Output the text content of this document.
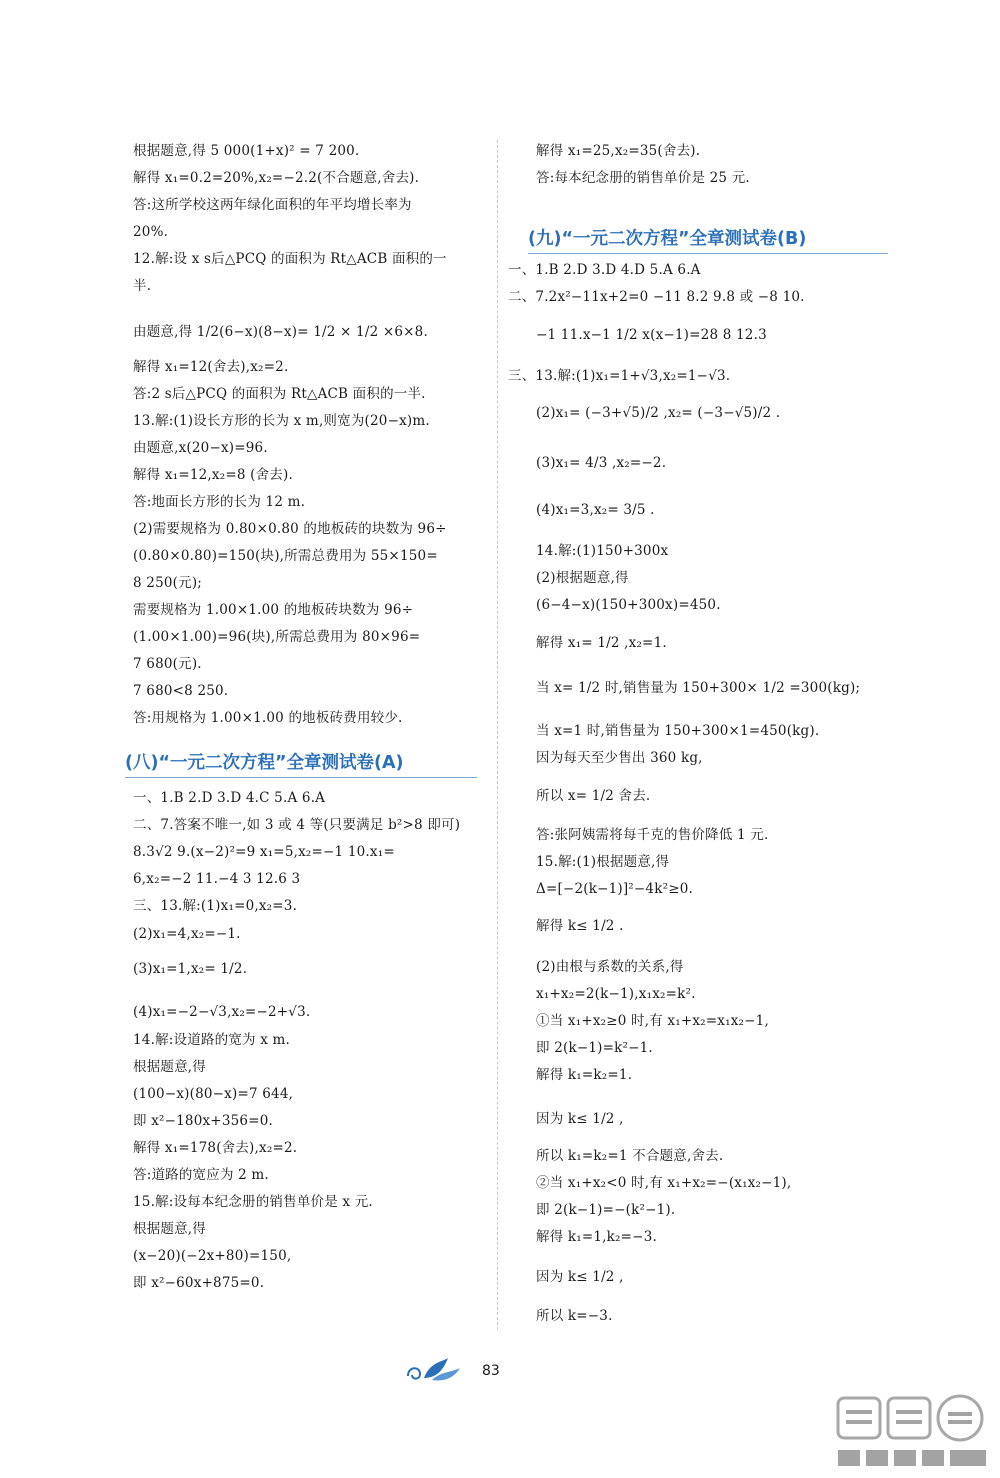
根据题意,得 5 000(1+x)² = 7 200.
解得 x₁=0.2=20%,x₂=−2.2(不合题意,舍去).
答:这所学校这两年绿化面积的年平均增长率为
20%.
12.解:设 x s后△PCQ 的面积为 Rt△ACB 面积的一
半.
由题意,得 1/2(6−x)(8−x)= 1/2 × 1/2 ×6×8.
解得 x₁=12(舍去),x₂=2.
答:2 s后△PCQ 的面积为 Rt△ACB 面积的一半.
13.解:(1)设长方形的长为 x m,则宽为(20−x)m.
由题意,x(20−x)=96.
解得 x₁=12,x₂=8 (舍去).
答:地面长方形的长为 12 m.
(2)需要规格为 0.80×0.80 的地板砖的块数为 96÷
(0.80×0.80)=150(块),所需总费用为 55×150=
8 250(元);
需要规格为 1.00×1.00 的地板砖块数为 96÷
(1.00×1.00)=96(块),所需总费用为 80×96=
7 680(元).
7 680<8 250.
答:用规格为 1.00×1.00 的地板砖费用较少.
(八)“一元二次方程”全章测试卷(A)
一、1.B 2.D 3.D 4.C 5.A 6.A
二、7.答案不唯一,如 3 或 4 等(只要满足 b²>8 即可)
8.3√2 9.(x−2)²=9 x₁=5,x₂=−1 10.x₁=
6,x₂=−2 11.−4 3 12.6 3
三、13.解:(1)x₁=0,x₂=3.
(2)x₁=4,x₂=−1.
(3)x₁=1,x₂= 1/2.
(4)x₁=−2−√3,x₂=−2+√3.
14.解:设道路的宽为 x m.
根据题意,得
(100−x)(80−x)=7 644,
即 x²−180x+356=0.
解得 x₁=178(舍去),x₂=2.
答:道路的宽应为 2 m.
15.解:设每本纪念册的销售单价是 x 元.
根据题意,得
(x−20)(−2x+80)=150,
即 x²−60x+875=0.
解得 x₁=25,x₂=35(舍去).
答:每本纪念册的销售单价是 25 元.
(九)“一元二次方程”全章测试卷(B)
一、1.B 2.D 3.D 4.D 5.A 6.A
二、7.2x²−11x+2=0 −11 8.2 9.8 或 −8 10.
−1 11.x−1 1/2 x(x−1)=28 8 12.3
三、13.解:(1)x₁=1+√3,x₂=1−√3.
(2)x₁= (−3+√5)/2 ,x₂= (−3−√5)/2 .
(3)x₁= 4/3 ,x₂=−2.
(4)x₁=3,x₂= 3/5 .
14.解:(1)150+300x
(2)根据题意,得
(6−4−x)(150+300x)=450.
解得 x₁= 1/2 ,x₂=1.
当 x= 1/2 时,销售量为 150+300× 1/2 =300(kg);
当 x=1 时,销售量为 150+300×1=450(kg).
因为每天至少售出 360 kg,
所以 x= 1/2 舍去.
答:张阿姨需将每千克的售价降低 1 元.
15.解:(1)根据题意,得
Δ=[−2(k−1)]²−4k²≥0.
解得 k≤ 1/2 .
(2)由根与系数的关系,得
x₁+x₂=2(k−1),x₁x₂=k².
①当 x₁+x₂≥0 时,有 x₁+x₂=x₁x₂−1,
即 2(k−1)=k²−1.
解得 k₁=k₂=1.
因为 k≤ 1/2 ,
所以 k₁=k₂=1 不合题意,舍去.
②当 x₁+x₂<0 时,有 x₁+x₂=−(x₁x₂−1),
即 2(k−1)=−(k²−1).
解得 k₁=1,k₂=−3.
因为 k≤ 1/2 ,
所以 k=−3.
83
